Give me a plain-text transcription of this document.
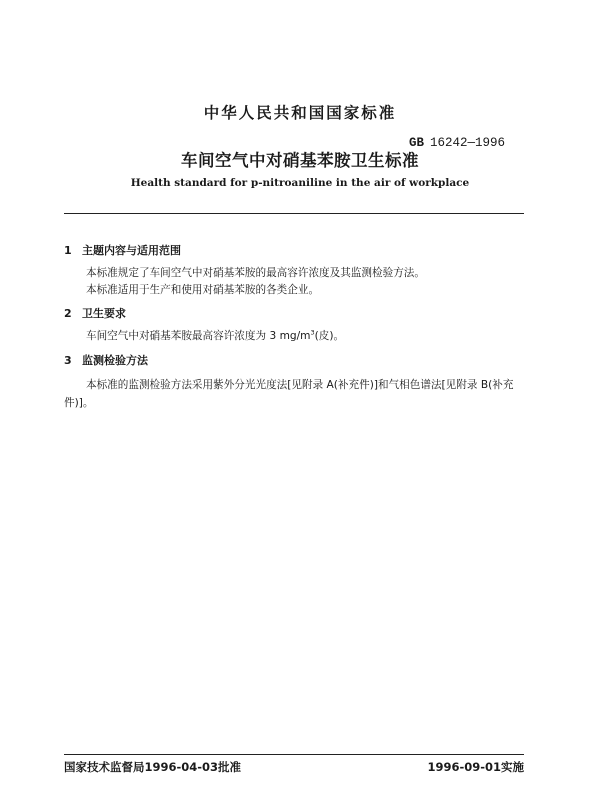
中华人民共和国国家标准
GB 16242—1996
车间空气中对硝基苯胺卫生标准
Health standard for p-nitroaniline in the air of workplace
1 主题内容与适用范围
本标准规定了车间空气中对硝基苯胺的最高容许浓度及其监测检验方法。
本标准适用于生产和使用对硝基苯胺的各类企业。
2 卫生要求
车间空气中对硝基苯胺最高容许浓度为 3 $mg/m^3$(皮)。
3 监测检验方法
本标准的监测检验方法采用紫外分光光度法[见附录 A(补充件)]和气相色谱法[见附录 B(补充
件)]。
国家技术监督局1996-04-03批准	1996-09-01实施
